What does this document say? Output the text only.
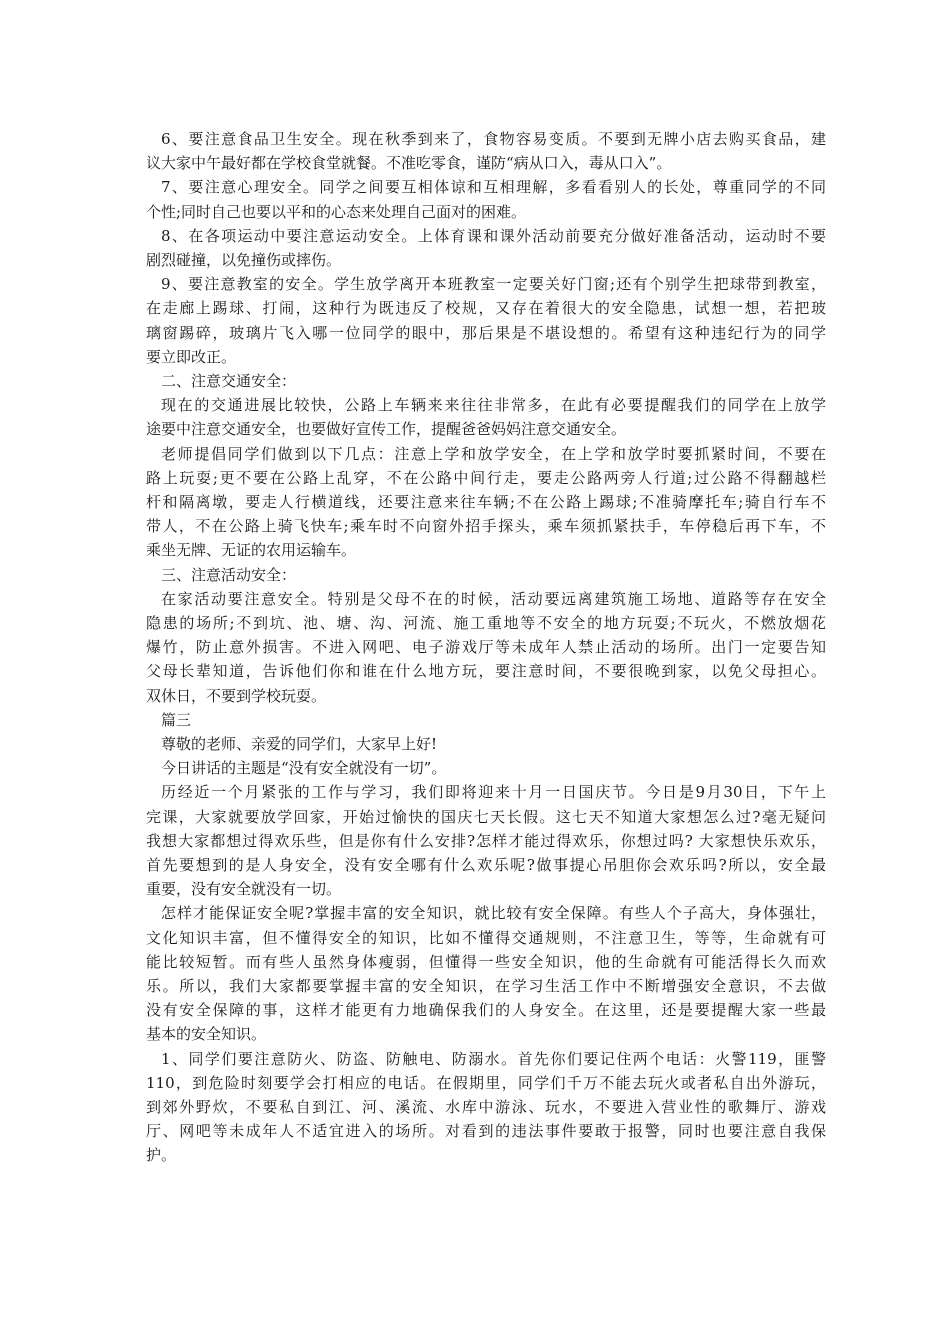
6、要注意食品卫生安全。现在秋季到来了，食物容易变质。不要到无牌小店去购买食品，建
议大家中午最好都在学校食堂就餐。不准吃零食，谨防“病从口入，毒从口入”。
7、要注意心理安全。同学之间要互相体谅和互相理解，多看看别人的长处，尊重同学的不同
个性;同时自己也要以平和的心态来处理自己面对的困难。
8、在各项运动中要注意运动安全。上体育课和课外活动前要充分做好准备活动，运动时不要
剧烈碰撞，以免撞伤或摔伤。
9、要注意教室的安全。学生放学离开本班教室一定要关好门窗;还有个别学生把球带到教室，
在走廊上踢球、打闹，这种行为既违反了校规，又存在着很大的安全隐患，试想一想，若把玻
璃窗踢碎，玻璃片飞入哪一位同学的眼中，那后果是不堪设想的。希望有这种违纪行为的同学
要立即改正。
二、注意交通安全：
现在的交通进展比较快，公路上车辆来来往往非常多，在此有必要提醒我们的同学在上放学
途要中注意交通安全，也要做好宣传工作，提醒爸爸妈妈注意交通安全。
老师提倡同学们做到以下几点：注意上学和放学安全，在上学和放学时要抓紧时间，不要在
路上玩耍;更不要在公路上乱穿，不在公路中间行走，要走公路两旁人行道;过公路不得翻越栏
杆和隔离墩，要走人行横道线，还要注意来往车辆;不在公路上踢球;不准骑摩托车;骑自行车不
带人，不在公路上骑飞快车;乘车时不向窗外招手探头，乘车须抓紧扶手，车停稳后再下车，不
乘坐无牌、无证的农用运输车。
三、注意活动安全：
在家活动要注意安全。特别是父母不在的时候，活动要远离建筑施工场地、道路等存在安全
隐患的场所;不到坑、池、塘、沟、河流、施工重地等不安全的地方玩耍;不玩火，不燃放烟花
爆竹，防止意外损害。不进入网吧、电子游戏厅等未成年人禁止活动的场所。出门一定要告知
父母长辈知道，告诉他们你和谁在什么地方玩，要注意时间，不要很晚到家，以免父母担心。
双休日，不要到学校玩耍。
篇三
尊敬的老师、亲爱的同学们，大家早上好!
今日讲话的主题是“没有安全就没有一切”。
历经近一个月紧张的工作与学习，我们即将迎来十月一日国庆节。今日是9月30日，下午上
完课，大家就要放学回家，开始过愉快的国庆七天长假。这七天不知道大家想怎么过?毫无疑问
我想大家都想过得欢乐些，但是你有什么安排?怎样才能过得欢乐，你想过吗? 大家想快乐欢乐，
首先要想到的是人身安全，没有安全哪有什么欢乐呢?做事提心吊胆你会欢乐吗?所以，安全最
重要，没有安全就没有一切。
怎样才能保证安全呢?掌握丰富的安全知识，就比较有安全保障。有些人个子高大，身体强壮，
文化知识丰富，但不懂得安全的知识，比如不懂得交通规则，不注意卫生，等等，生命就有可
能比较短暂。而有些人虽然身体瘦弱，但懂得一些安全知识，他的生命就有可能活得长久而欢
乐。所以，我们大家都要掌握丰富的安全知识，在学习生活工作中不断增强安全意识，不去做
没有安全保障的事，这样才能更有力地确保我们的人身安全。在这里，还是要提醒大家一些最
基本的安全知识。
1、同学们要注意防火、防盗、防触电、防溺水。首先你们要记住两个电话：火警119，匪警
110，到危险时刻要学会打相应的电话。在假期里，同学们千万不能去玩火或者私自出外游玩，
到郊外野炊，不要私自到江、河、溪流、水库中游泳、玩水，不要进入营业性的歌舞厅、游戏
厅、网吧等未成年人不适宜进入的场所。对看到的违法事件要敢于报警，同时也要注意自我保
护。
